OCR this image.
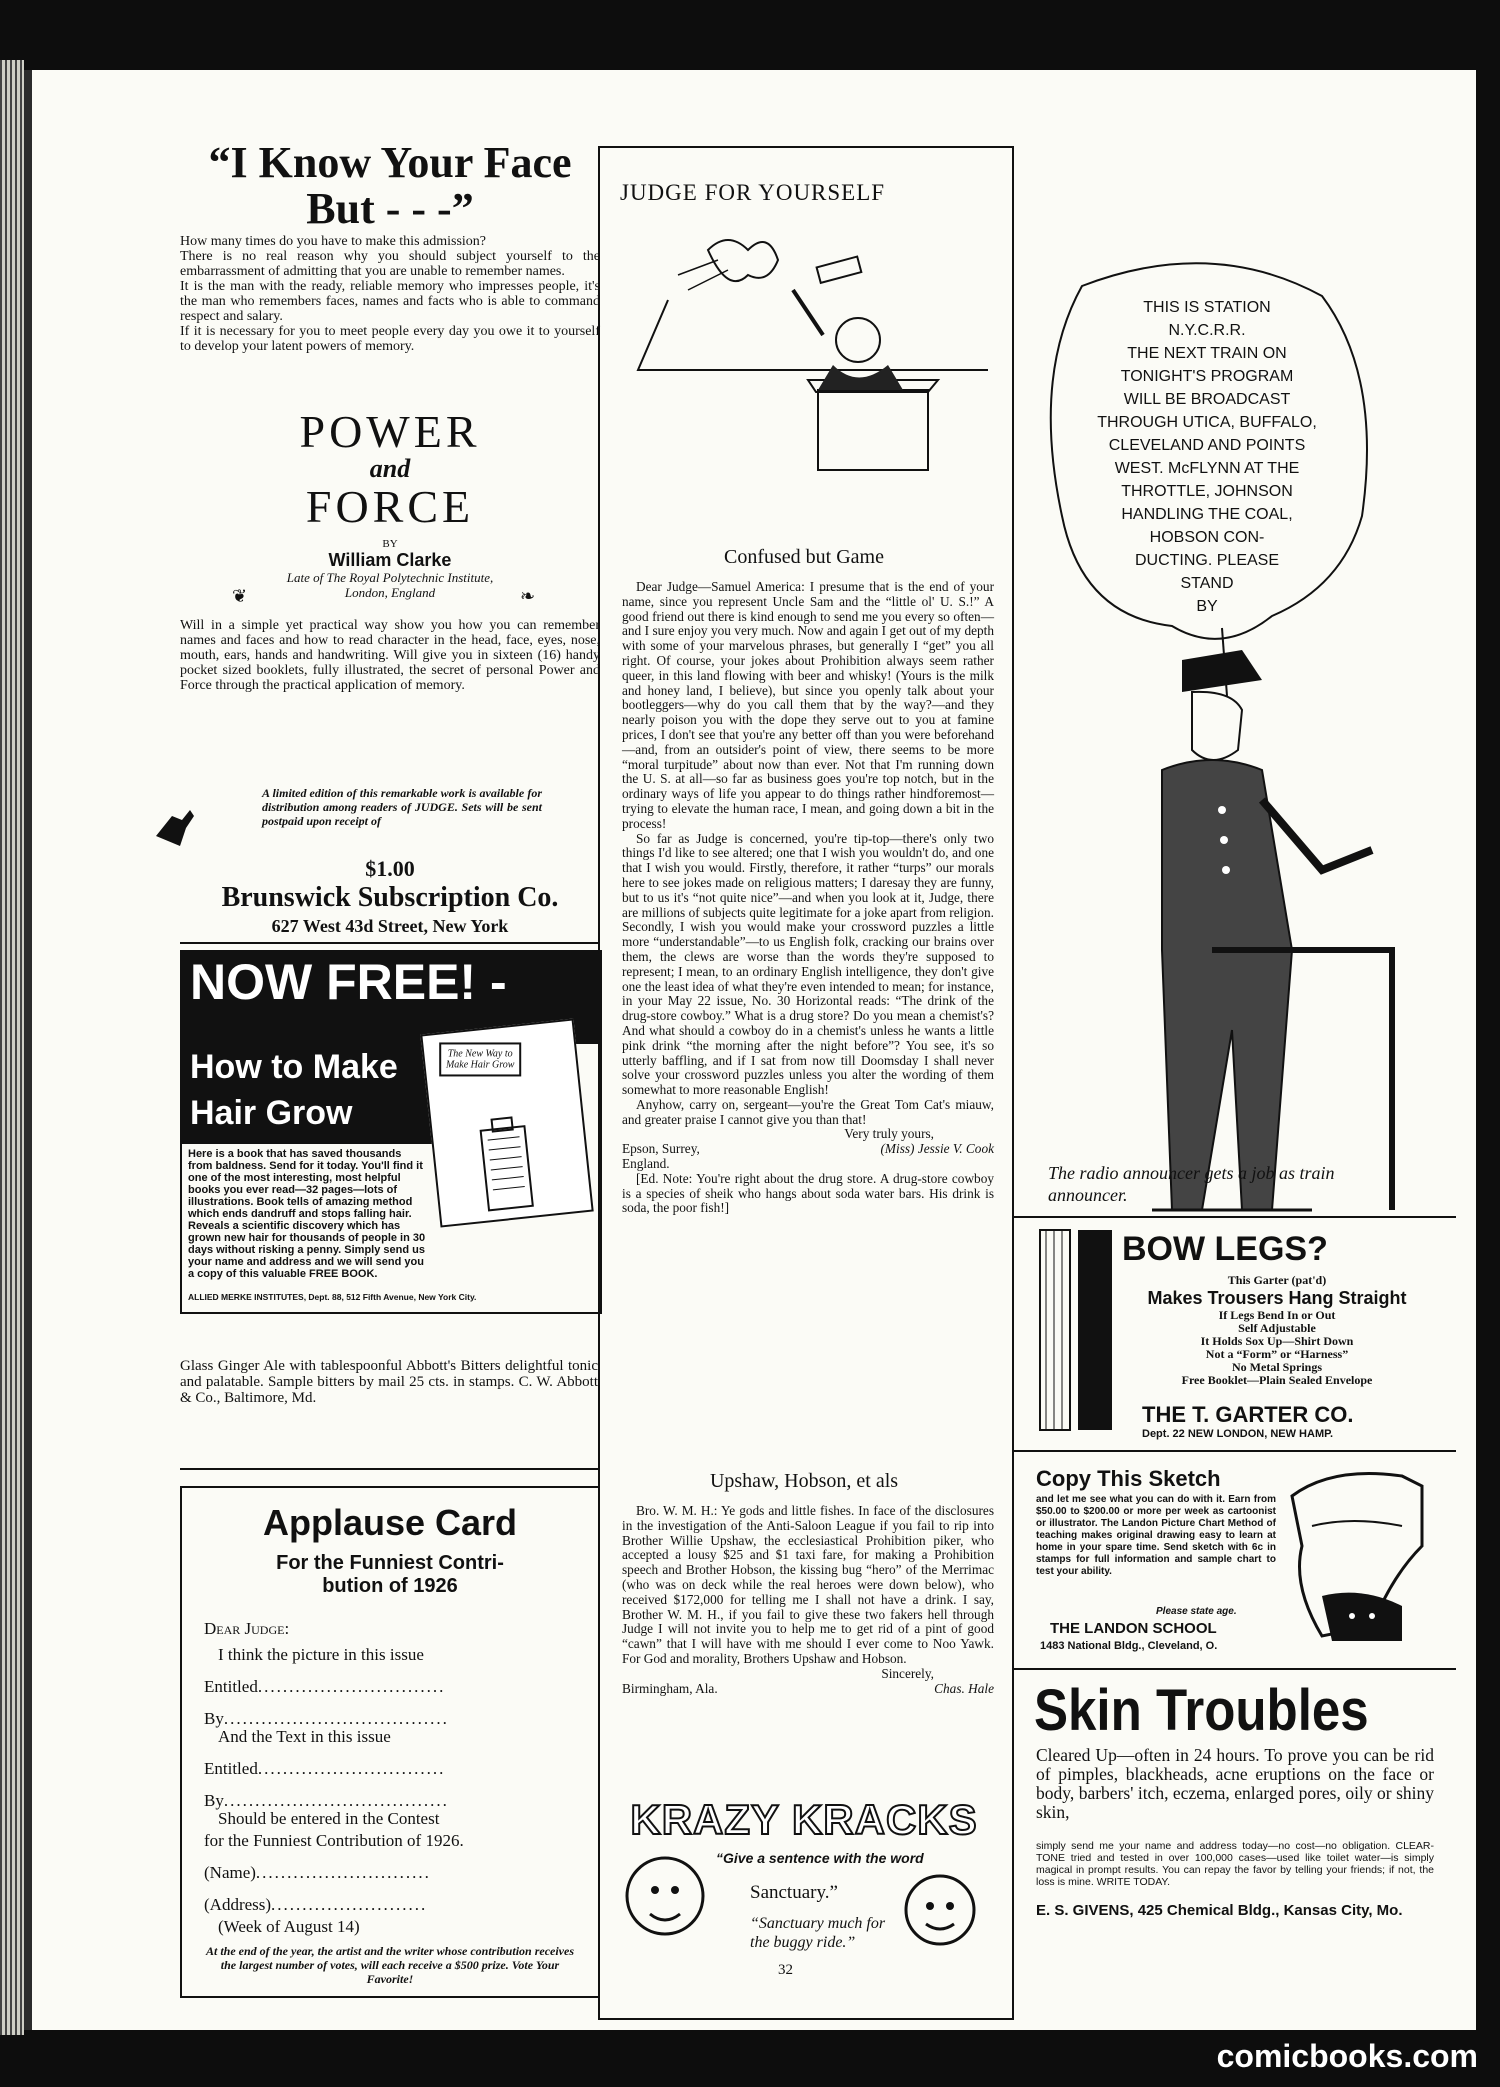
“I Know Your Face
But - - -”

How many times do you have to make this admission?

There is no real reason why you should subject yourself to the embarrassment of admitting that you are unable to remember names.

It is the man with the ready, reliable memory who impresses people, it's the man who remembers faces, names and facts who is able to command respect and salary.

If it is necessary for you to meet people every day you owe it to yourself to develop your latent powers of memory.

POWER
and
FORCE
BY
William Clarke
Late of The Royal Polytechnic Institute, London, England
❦	❧
Will in a simple yet practical way show you how you can remember names and faces and how to read character in the head, face, eyes, nose, mouth, ears, hands and handwriting. Will give you in sixteen (16) handy pocket sized booklets, fully illustrated, the secret of personal Power and Force through the practical application of memory.
A limited edition of this remarkable work is available for distribution among readers of JUDGE. Sets will be sent postpaid upon receipt of
$1.00
Brunswick Subscription Co.
627 West 43d Street, New York
NOW FREE! -
How to Make
Hair Grow
The New Way to Make Hair Grow
Here is a book that has saved thousands from baldness. Send for it today. You'll find it one of the most interesting, most helpful books you ever read—32 pages—lots of illustrations. Book tells of amazing method which ends dandruff and stops falling hair. Reveals a scientific discovery which has grown new hair for thousands of people in 30 days without risking a penny. Simply send us your name and address and we will send you a copy of this valuable FREE BOOK.
ALLIED MERKE INSTITUTES, Dept. 88, 512 Fifth Avenue, New York City.
Glass Ginger Ale with tablespoonful Abbott's Bitters delightful tonic and palatable. Sample bitters by mail 25 cts. in stamps. C. W. Abbott & Co., Baltimore, Md.
Applause Card
For the Funniest Contri-
bution of 1926
Dear Judge:
I think the picture in this issue
Entitled..............................
By....................................
And the Text in this issue
Entitled..............................
By....................................
Should be entered in the Contest
for the Funniest Contribution of 1926.
(Name)............................
(Address).........................
(Week of August 14)
At the end of the year, the artist and the writer whose contribution receives the largest number of votes, will each receive a $500 prize. Vote Your Favorite!
JUDGE FOR YOURSELF
Confused but Game

Dear Judge—Samuel America: I presume that is the end of your name, since you represent Uncle Sam and the “little ol' U. S.!” A good friend out there is kind enough to send me you every so often—and I sure enjoy you very much. Now and again I get out of my depth with some of your marvelous phrases, but generally I “get” you all right. Of course, your jokes about Prohibition always seem rather queer, in this land flowing with beer and whisky! (Yours is the milk and honey land, I believe), but since you openly talk about your bootleggers—why do you call them that by the way?—and they nearly poison you with the dope they serve out to you at famine prices, I don't see that you're any better off than you were beforehand—and, from an outsider's point of view, there seems to be more “moral turpitude” about now than ever. Not that I'm running down the U. S. at all—so far as business goes you're top notch, but in the ordinary ways of life you appear to do things rather hindforemost—trying to elevate the human race, I mean, and going down a bit in the process!

So far as Judge is concerned, you're tip-top—there's only two things I'd like to see altered; one that I wish you wouldn't do, and one that I wish you would. Firstly, therefore, it rather “turps” our morals here to see jokes made on religious matters; I daresay they are funny, but to us it's “not quite nice”—and when you look at it, Judge, there are millions of subjects quite legitimate for a joke apart from religion. Secondly, I wish you would make your crossword puzzles a little more “understandable”—to us English folk, cracking our brains over them, the clews are worse than the words they're supposed to represent; I mean, to an ordinary English intelligence, they don't give one the least idea of what they're even intended to mean; for instance, in your May 22 issue, No. 30 Horizontal reads: “The drink of the drug-store cowboy.” What is a drug store? Do you mean a chemist's? And what should a cowboy do in a chemist's unless he wants a little pink drink “the morning after the night before”? You see, it's so utterly baffling, and if I sat from now till Doomsday I shall never solve your crossword puzzles unless you alter the wording of them somewhat to more reasonable English!

Anyhow, carry on, sergeant—you're the Great Tom Cat's miauw, and greater praise I cannot give you than that!

Very truly yours,

Epson, Surrey,	(Miss) Jessie V. Cook

England.

[Ed. Note: You're right about the drug store. A drug-store cowboy is a species of sheik who hangs about soda water bars. His drink is soda, the poor fish!]

Upshaw, Hobson, et als

Bro. W. M. H.: Ye gods and little fishes. In face of the disclosures in the investigation of the Anti-Saloon League if you fail to rip into Brother Willie Upshaw, the ecclesiastical Prohibition piker, who accepted a lousy $25 and $1 taxi fare, for making a Prohibition speech and Brother Hobson, the kissing bug “hero” of the Merrimac (who was on deck while the real heroes were down below), who received $172,000 for telling me I shall not have a drink. I say, Brother W. M. H., if you fail to give these two fakers hell through Judge I will not invite you to help me to get rid of a pint of good “cawn” that I will have with me should I ever come to Noo Yawk. For God and morality, Brothers Upshaw and Hobson.

Sincerely,

Birmingham, Ala.	Chas. Hale

KRAZY KRACKS
“Give a sentence with the word
Sanctuary.”
“Sanctuary much for the buggy ride.”
THIS IS STATION
N.Y.C.R.R.
THE NEXT TRAIN ON
TONIGHT'S PROGRAM
WILL BE BROADCAST
THROUGH UTICA, BUFFALO,
CLEVELAND AND POINTS
WEST. McFLYNN AT THE
THROTTLE, JOHNSON
HANDLING THE COAL,
HOBSON CON-
DUCTING. PLEASE
STAND
BY
The radio announcer gets a job as train announcer.
BOW LEGS?
This Garter (pat'd)
Makes Trousers Hang Straight
If Legs Bend In or Out
Self Adjustable
It Holds Sox Up—Shirt Down
Not a “Form” or “Harness”
No Metal Springs
Free Booklet—Plain Sealed Envelope
THE T. GARTER CO.
Dept. 22 NEW LONDON, NEW HAMP.
Copy This Sketch
and let me see what you can do with it. Earn from $50.00 to $200.00 or more per week as cartoonist or illustrator. The Landon Picture Chart Method of teaching makes original drawing easy to learn at home in your spare time. Send sketch with 6c in stamps for full information and sample chart to test your ability.
Please state age.
THE LANDON SCHOOL
1483 National Bldg., Cleveland, O.
Skin Troubles
Cleared Up—often in 24 hours. To prove you can be rid of pimples, blackheads, acne eruptions on the face or body, barbers' itch, eczema, enlarged pores, oily or shiny skin,
simply send me your name and address today—no cost—no obligation. CLEAR-TONE tried and tested in over 100,000 cases—used like toilet water—is simply magical in prompt results. You can repay the favor by telling your friends; if not, the loss is mine. WRITE TODAY.
E. S. GIVENS, 425 Chemical Bldg., Kansas City, Mo.
32
comicbooks.com
